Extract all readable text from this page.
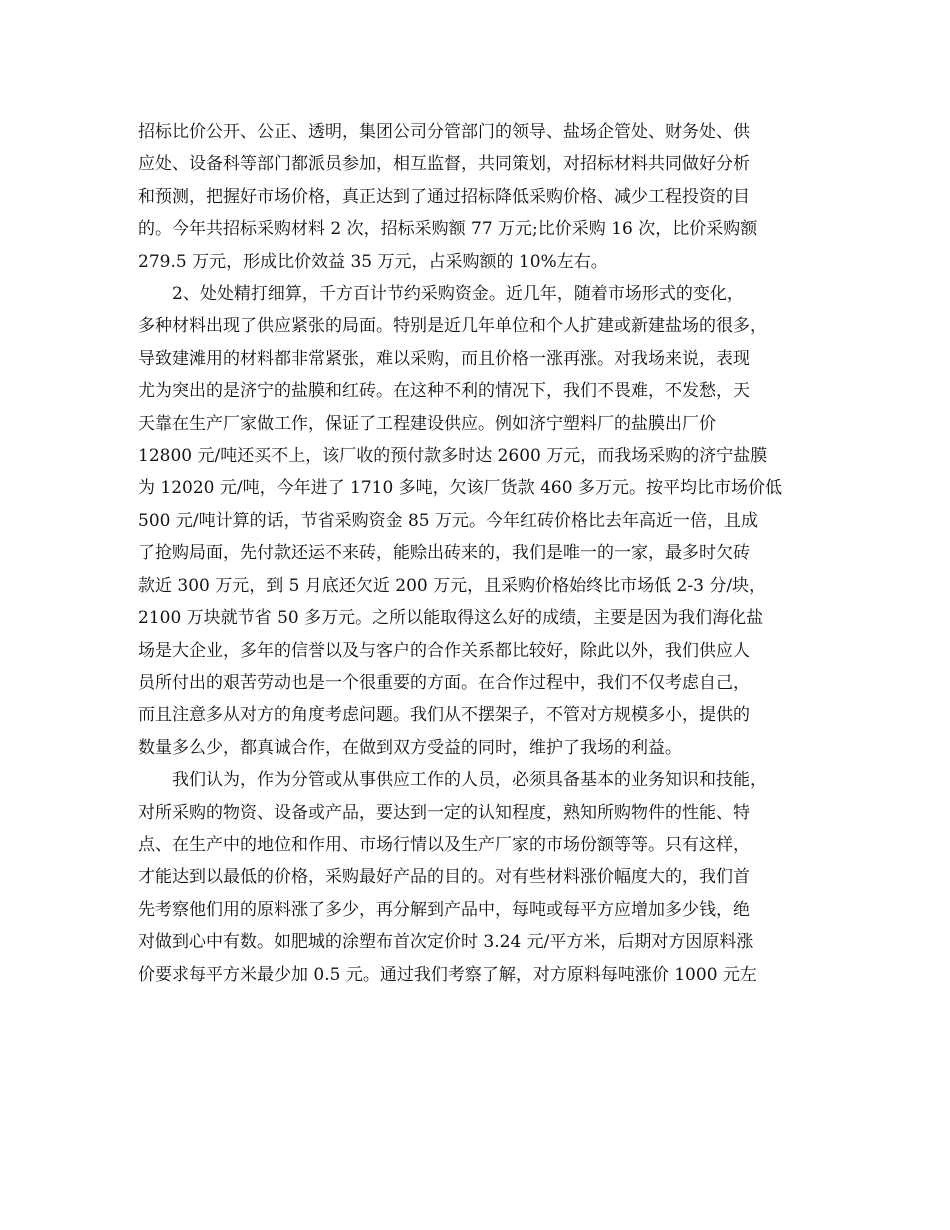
招标比价公开、公正、透明，集团公司分管部门的领导、盐场企管处、财务处、供
应处、设备科等部门都派员参加，相互监督，共同策划，对招标材料共同做好分析
和预测，把握好市场价格，真正达到了通过招标降低采购价格、减少工程投资的目
的。今年共招标采购材料 2 次，招标采购额 77 万元;比价采购 16 次，比价采购额
279.5 万元，形成比价效益 35 万元，占采购额的 10%左右。
2、处处精打细算，千方百计节约采购资金。近几年，随着市场形式的变化，
多种材料出现了供应紧张的局面。特别是近几年单位和个人扩建或新建盐场的很多，
导致建滩用的材料都非常紧张，难以采购，而且价格一涨再涨。对我场来说，表现
尤为突出的是济宁的盐膜和红砖。在这种不利的情况下，我们不畏难，不发愁，天
天靠在生产厂家做工作，保证了工程建设供应。例如济宁塑料厂的盐膜出厂价
12800 元/吨还买不上，该厂收的预付款多时达 2600 万元，而我场采购的济宁盐膜
为 12020 元/吨，今年进了 1710 多吨，欠该厂货款 460 多万元。按平均比市场价低
500 元/吨计算的话，节省采购资金 85 万元。今年红砖价格比去年高近一倍，且成
了抢购局面，先付款还运不来砖，能赊出砖来的，我们是唯一的一家，最多时欠砖
款近 300 万元，到 5 月底还欠近 200 万元，且采购价格始终比市场低 2-3 分/块，
2100 万块就节省 50 多万元。之所以能取得这么好的成绩，主要是因为我们海化盐
场是大企业，多年的信誉以及与客户的合作关系都比较好，除此以外，我们供应人
员所付出的艰苦劳动也是一个很重要的方面。在合作过程中，我们不仅考虑自己，
而且注意多从对方的角度考虑问题。我们从不摆架子，不管对方规模多小，提供的
数量多么少，都真诚合作，在做到双方受益的同时，维护了我场的利益。
我们认为，作为分管或从事供应工作的人员，必须具备基本的业务知识和技能，
对所采购的物资、设备或产品，要达到一定的认知程度，熟知所购物件的性能、特
点、在生产中的地位和作用、市场行情以及生产厂家的市场份额等等。只有这样，
才能达到以最低的价格，采购最好产品的目的。对有些材料涨价幅度大的，我们首
先考察他们用的原料涨了多少，再分解到产品中，每吨或每平方应增加多少钱，绝
对做到心中有数。如肥城的涂塑布首次定价时 3.24 元/平方米，后期对方因原料涨
价要求每平方米最少加 0.5 元。通过我们考察了解，对方原料每吨涨价 1000 元左
